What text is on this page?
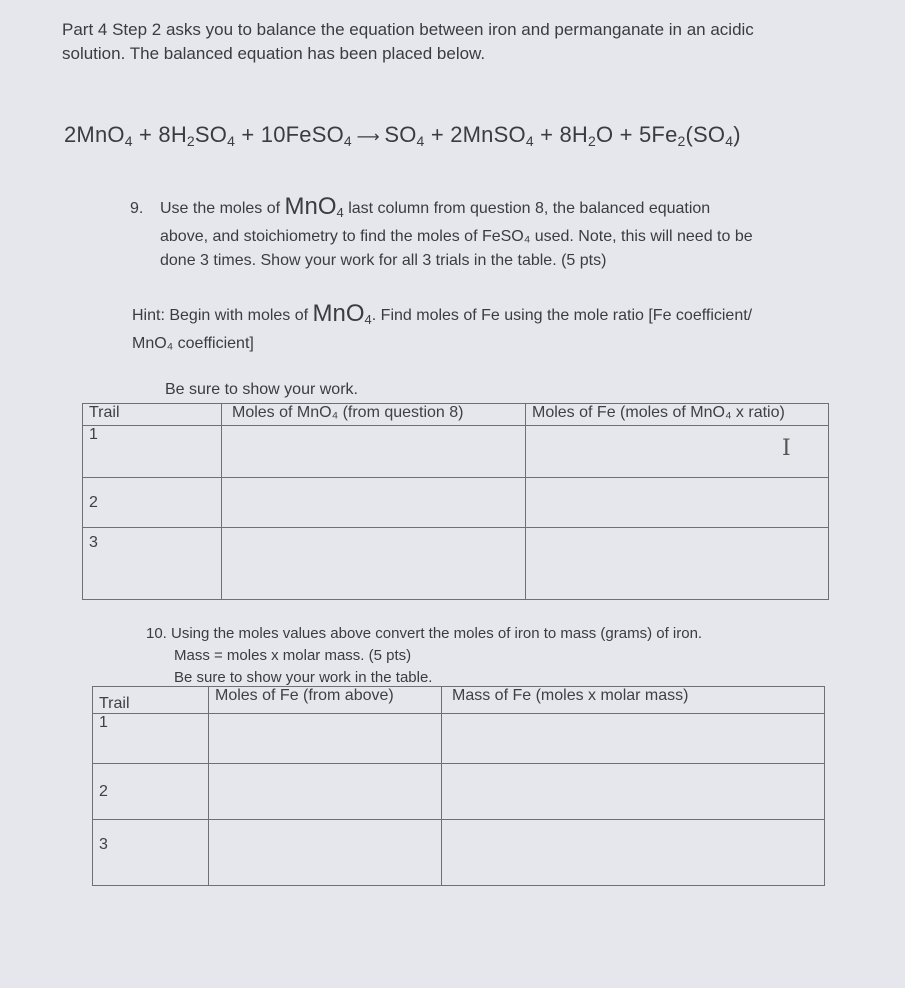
Part 4 Step 2 asks you to balance the equation between iron and permanganate in an acidic
solution. The balanced equation has been placed below.
$2MnO_4 + 8H_2SO_4$ + 10FeSO$_4$ ⟶ $SO_4$ + 2MnSO$_4$ + $8H_2O + 5Fe_2(SO_4)$
9. Use the moles of MnO$_4$ last column from question 8, the balanced equation
above, and stoichiometry to find the moles of FeSO₄ used. Note, this will need to be
done 3 times. Show your work for all 3 trials in the table. (5 pts)
Hint: Begin with moles of MnO$_4$. Find moles of Fe using the mole ratio [Fe coefficient/
MnO₄ coefficient]
Be sure to show your work.
Trail	Moles of MnO₄ (from question 8)	Moles of Fe (moles of MnO₄ x ratio)
1		
2		
3		
I
10. Using the moles values above convert the moles of iron to mass (grams) of iron.
Mass = moles x molar mass. (5 pts)
Be sure to show your work in the table.
Trail	Moles of Fe (from above)	Mass of Fe (moles x molar mass)
1		
2		
3		
